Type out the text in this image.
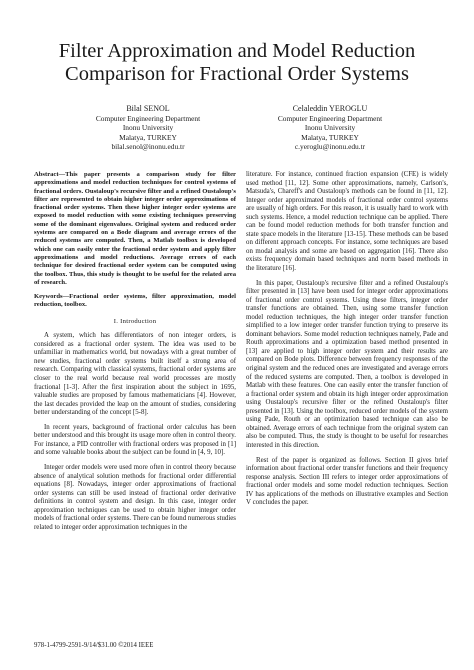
Filter Approximation and Model Reduction
Comparison for Fractional Order Systems
Bilal SENOL
Computer Engineering Department
Inonu University
Malatya, TURKEY
bilal.senol@inonu.edu.tr
Celaleddin YEROGLU
Computer Engineering Department
Inonu University
Malatya, TURKEY
c.yeroglu@inonu.edu.tr

Abstract—This paper presents a comparison study for filter approximations and model reduction techniques for control systems of fractional orders. Oustaloup's recursive filter and a refined Oustaloup's filter are represented to obtain higher integer order approximations of fractional order systems. Then these higher integer order systems are exposed to model reduction with some existing techniques preserving some of the dominant eigenvalues. Original system and reduced order systems are compared on a Bode diagram and average errors of the reduced systems are computed. Then, a Matlab toolbox is developed which one can easily enter the fractional order system and apply filter approximations and model reductions. Average errors of each technique for desired fractional order system can be computed using the toolbox. Thus, this study is thought to be useful for the related area of research.

Keywords—Fractional order systems, filter approximation, model reduction, toolbox.

I. Introduction

A system, which has differentiators of non integer orders, is considered as a fractional order system. The idea was used to be unfamiliar in mathematics world, but nowadays with a great number of new studies, fractional order systems built itself a strong area of research. Comparing with classical systems, fractional order systems are closer to the real world because real world processes are mostly fractional [1-3]. After the first inspiration about the subject in 1695, valuable studies are proposed by famous mathematicians [4]. However, the last decades provided the leap on the amount of studies, considering better understanding of the concept [5-8].

In recent years, background of fractional order calculus has been better understood and this brought its usage more often in control theory. For instance, a PID controller with fractional orders was proposed in [1] and some valuable books about the subject can be found in [4, 9, 10].

Integer order models were used more often in control theory because absence of analytical solution methods for fractional order differential equations [8]. Nowadays, integer order approximations of fractional order systems can still be used instead of fractional order derivative definitions in control system and design. In this case, integer order approximation techniques can be used to obtain higher integer order models of fractional order systems. There can be found numerous studies related to integer order approximation techniques in the

literature. For instance, continued fraction expansion (CFE) is widely used method [11, 12]. Some other approximations, namely, Carlson's, Matsuda's, Chareff's and Oustaloup's methods can be found in [11, 12]. Integer order approximated models of fractional order control systems are usually of high orders. For this reason, it is usually hard to work with such systems. Hence, a model reduction technique can be applied. There can be found model reduction methods for both transfer function and state space models in the literature [13-15]. These methods can be based on different approach concepts. For instance, some techniques are based on modal analysis and some are based on aggregation [16]. There also exists frequency domain based techniques and norm based methods in the literature [16].

In this paper, Oustaloup's recursive filter and a refined Oustaloup's filter presented in [13] have been used for integer order approximations of fractional order control systems. Using these filters, integer order transfer functions are obtained. Then, using some transfer function model reduction techniques, the high integer order transfer function simplified to a low integer order transfer function trying to preserve its dominant behaviors. Some model reduction techniques namely, Pade and Routh approximations and a optimization based method presented in [13] are applied to high integer order system and their results are compared on Bode plots. Difference between frequency responses of the original system and the reduced ones are investigated and average errors of the reduced systems are computed. Then, a toolbox is developed in Matlab with these features. One can easily enter the transfer function of a fractional order system and obtain its high integer order approximation using Oustaloup's recursive filter or the refined Oustaloup's filter presented in [13]. Using the toolbox, reduced order models of the system using Pade, Routh or an optimization based technique can also be obtained. Average errors of each technique from the original system can also be computed. Thus, the study is thought to be useful for researches interested in this direction.

Rest of the paper is organized as follows. Section II gives brief information about fractional order transfer functions and their frequency response analysis. Section III refers to integer order approximations of fractional order models and some model reduction techniques. Section IV has applications of the methods on illustrative examples and Section V concludes the paper.

978-1-4799-2591-9/14/$31.00 ©2014 IEEE
